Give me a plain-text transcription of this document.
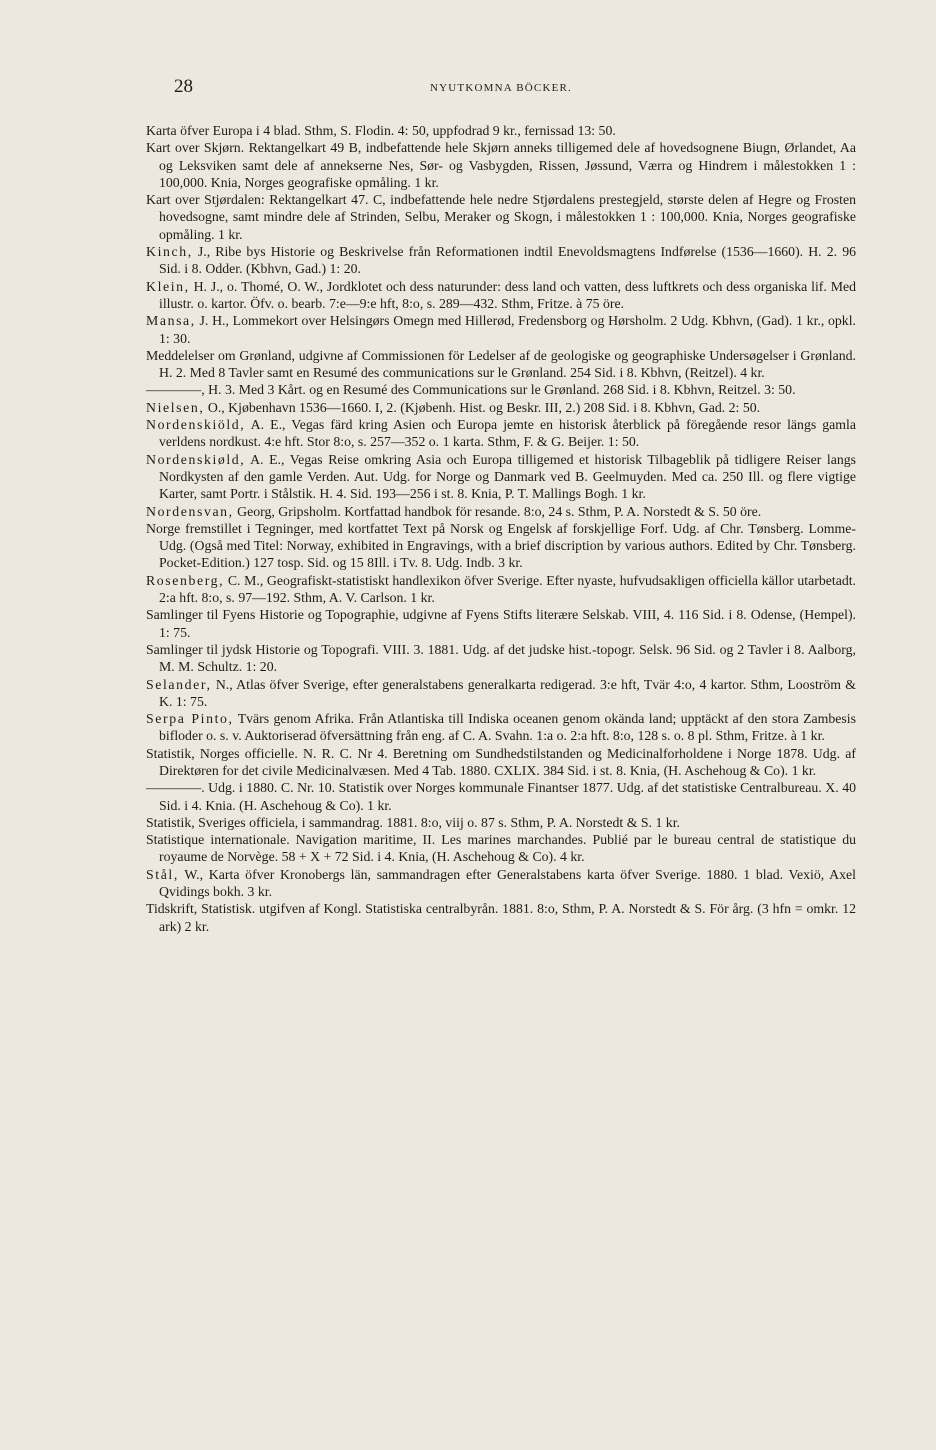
28	NYUTKOMNA BÖCKER.

Karta öfver Europa i 4 blad. Sthm, S. Flodin. 4: 50, uppfodrad 9 kr., fernissad 13: 50.

Kart over Skjørn. Rektangelkart 49 B, indbefattende hele Skjørn anneks tilligemed dele af hovedsognene Biugn, Ørlandet, Aa og Leksviken samt dele af annekserne Nes, Sør- og Vasbygden, Rissen, Jøssund, Værra og Hindrem i målestokken 1 : 100,000. Knia, Norges geografiske opmåling. 1 kr.

Kart over Stjørdalen: Rektangelkart 47. C, indbefattende hele nedre Stjørdalens prestegjeld, største delen af Hegre og Frosten hovedsogne, samt mindre dele af Strinden, Selbu, Meraker og Skogn, i målestokken 1 : 100,000. Knia, Norges geografiske opmåling. 1 kr.

Kinch, J., Ribe bys Historie og Beskrivelse från Reformationen indtil Enevoldsmagtens Indførelse (1536—1660). H. 2. 96 Sid. i 8. Odder. (Kbhvn, Gad.) 1: 20.

Klein, H. J., o. Thomé, O. W., Jordklotet och dess naturunder: dess land och vatten, dess luftkrets och dess organiska lif. Med illustr. o. kartor. Öfv. o. bearb. 7:e—9:e hft, 8:o, s. 289—432. Sthm, Fritze. à 75 öre.

Mansa, J. H., Lommekort over Helsingørs Omegn med Hillerød, Fredensborg og Hørsholm. 2 Udg. Kbhvn, (Gad). 1 kr., opkl. 1: 30.

Meddelelser om Grønland, udgivne af Commissionen för Ledelser af de geologiske og geographiske Undersøgelser i Grønland. H. 2. Med 8 Tavler samt en Resumé des communications sur le Grønland. 254 Sid. i 8. Kbhvn, (Reitzel). 4 kr.

————, H. 3. Med 3 Kårt. og en Resumé des Communications sur le Grønland. 268 Sid. i 8. Kbhvn, Reitzel. 3: 50.

Nielsen, O., Kjøbenhavn 1536—1660. I, 2. (Kjøbenh. Hist. og Beskr. III, 2.) 208 Sid. i 8. Kbhvn, Gad. 2: 50.

Nordenskiöld, A. E., Vegas färd kring Asien och Europa jemte en historisk återblick på föregående resor längs gamla verldens nordkust. 4:e hft. Stor 8:o, s. 257—352 o. 1 karta. Sthm, F. & G. Beijer. 1: 50.

Nordenskiøld, A. E., Vegas Reise omkring Asia och Europa tilligemed et historisk Tilbageblik på tidligere Reiser langs Nordkysten af den gamle Verden. Aut. Udg. for Norge og Danmark ved B. Geelmuyden. Med ca. 250 Ill. og flere vigtige Karter, samt Portr. i Stålstik. H. 4. Sid. 193—256 i st. 8. Knia, P. T. Mallings Bogh. 1 kr.

Nordensvan, Georg, Gripsholm. Kortfattad handbok för resande. 8:o, 24 s. Sthm, P. A. Norstedt & S. 50 öre.

Norge fremstillet i Tegninger, med kortfattet Text på Norsk og Engelsk af forskjellige Forf. Udg. af Chr. Tønsberg. Lomme-Udg. (Også med Titel: Norway, exhibited in Engravings, with a brief discription by various authors. Edited by Chr. Tønsberg. Pocket-Edition.) 127 tosp. Sid. og 15 8Ill. i Tv. 8. Udg. Indb. 3 kr.

Rosenberg, C. M., Geografiskt-statistiskt handlexikon öfver Sverige. Efter nyaste, hufvudsakligen officiella källor utarbetadt. 2:a hft. 8:o, s. 97—192. Sthm, A. V. Carlson. 1 kr.

Samlinger til Fyens Historie og Topographie, udgivne af Fyens Stifts literære Selskab. VIII, 4. 116 Sid. i 8. Odense, (Hempel). 1: 75.

Samlinger til jydsk Historie og Topografi. VIII. 3. 1881. Udg. af det judske hist.-topogr. Selsk. 96 Sid. og 2 Tavler i 8. Aalborg, M. M. Schultz. 1: 20.

Selander, N., Atlas öfver Sverige, efter generalstabens generalkarta redigerad. 3:e hft, Tvär 4:o, 4 kartor. Sthm, Looström & K. 1: 75.

Serpa Pinto, Tvärs genom Afrika. Från Atlantiska till Indiska oceanen genom okända land; upptäckt af den stora Zambesis bifloder o. s. v. Auktoriserad öfversättning från eng. af C. A. Svahn. 1:a o. 2:a hft. 8:o, 128 s. o. 8 pl. Sthm, Fritze. à 1 kr.

Statistik, Norges officielle. N. R. C. Nr 4. Beretning om Sundhedstilstanden og Medicinalforholdene i Norge 1878. Udg. af Direktøren for det civile Medicinalvæsen. Med 4 Tab. 1880. CXLIX. 384 Sid. i st. 8. Knia, (H. Aschehoug & Co). 1 kr.

————. Udg. i 1880. C. Nr. 10. Statistik over Norges kommunale Finantser 1877. Udg. af det statistiske Centralbureau. X. 40 Sid. i 4. Knia. (H. Aschehoug & Co). 1 kr.

Statistik, Sveriges officiela, i sammandrag. 1881. 8:o, viij o. 87 s. Sthm, P. A. Norstedt & S. 1 kr.

Statistique internationale. Navigation maritime, II. Les marines marchandes. Publié par le bureau central de statistique du royaume de Norvège. 58 + X + 72 Sid. i 4. Knia, (H. Aschehoug & Co). 4 kr.

Stål, W., Karta öfver Kronobergs län, sammandragen efter Generalstabens karta öfver Sverige. 1880. 1 blad. Vexiö, Axel Qvidings bokh. 3 kr.

Tidskrift, Statistisk. utgifven af Kongl. Statistiska centralbyrån. 1881. 8:o, Sthm, P. A. Norstedt & S. För årg. (3 hfn = omkr. 12 ark) 2 kr.
